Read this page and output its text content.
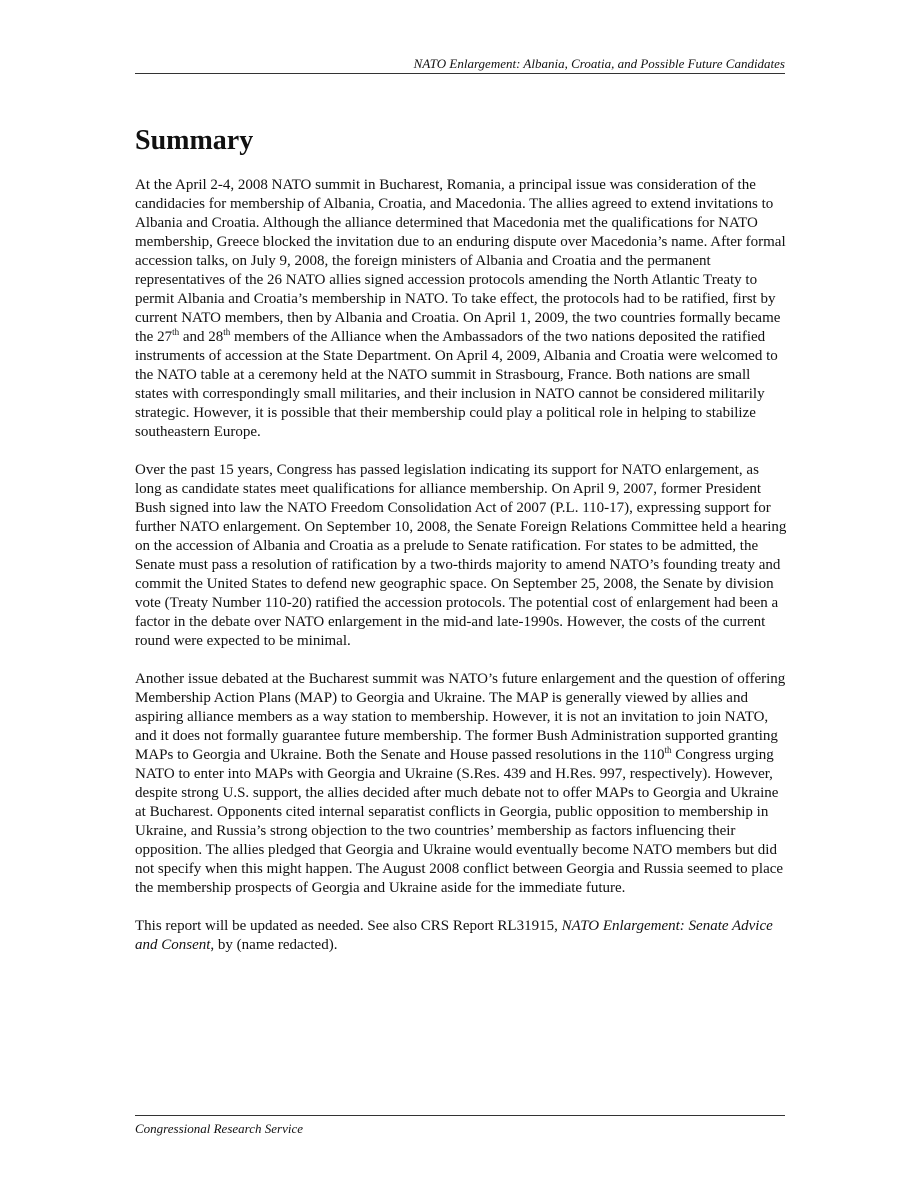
NATO Enlargement: Albania, Croatia, and Possible Future Candidates
Summary

At the April 2-4, 2008 NATO summit in Bucharest, Romania, a principal issue was consideration of the candidacies for membership of Albania, Croatia, and Macedonia. The allies agreed to extend invitations to Albania and Croatia. Although the alliance determined that Macedonia met the qualifications for NATO membership, Greece blocked the invitation due to an enduring dispute over Macedonia’s name. After formal accession talks, on July 9, 2008, the foreign ministers of Albania and Croatia and the permanent representatives of the 26 NATO allies signed accession protocols amending the North Atlantic Treaty to permit Albania and Croatia’s membership in NATO. To take effect, the protocols had to be ratified, first by current NATO members, then by Albania and Croatia. On April 1, 2009, the two countries formally became the 27th and 28th members of the Alliance when the Ambassadors of the two nations deposited the ratified instruments of accession at the State Department. On April 4, 2009, Albania and Croatia were welcomed to the NATO table at a ceremony held at the NATO summit in Strasbourg, France. Both nations are small states with correspondingly small militaries, and their inclusion in NATO cannot be considered militarily strategic. However, it is possible that their membership could play a political role in helping to stabilize southeastern Europe.

Over the past 15 years, Congress has passed legislation indicating its support for NATO enlargement, as long as candidate states meet qualifications for alliance membership. On April 9, 2007, former President Bush signed into law the NATO Freedom Consolidation Act of 2007 (P.L. 110-17), expressing support for further NATO enlargement. On September 10, 2008, the Senate Foreign Relations Committee held a hearing on the accession of Albania and Croatia as a prelude to Senate ratification. For states to be admitted, the Senate must pass a resolution of ratification by a two-thirds majority to amend NATO’s founding treaty and commit the United States to defend new geographic space. On September 25, 2008, the Senate by division vote (Treaty Number 110-20) ratified the accession protocols. The potential cost of enlargement had been a factor in the debate over NATO enlargement in the mid-and late-1990s. However, the costs of the current round were expected to be minimal.

Another issue debated at the Bucharest summit was NATO’s future enlargement and the question of offering Membership Action Plans (MAP) to Georgia and Ukraine. The MAP is generally viewed by allies and aspiring alliance members as a way station to membership. However, it is not an invitation to join NATO, and it does not formally guarantee future membership. The former Bush Administration supported granting MAPs to Georgia and Ukraine. Both the Senate and House passed resolutions in the 110th Congress urging NATO to enter into MAPs with Georgia and Ukraine (S.Res. 439 and H.Res. 997, respectively). However, despite strong U.S. support, the allies decided after much debate not to offer MAPs to Georgia and Ukraine at Bucharest. Opponents cited internal separatist conflicts in Georgia, public opposition to membership in Ukraine, and Russia’s strong objection to the two countries’ membership as factors influencing their opposition. The allies pledged that Georgia and Ukraine would eventually become NATO members but did not specify when this might happen. The August 2008 conflict between Georgia and Russia seemed to place the membership prospects of Georgia and Ukraine aside for the immediate future.

This report will be updated as needed. See also CRS Report RL31915, NATO Enlargement: Senate Advice and Consent, by (name redacted).

Congressional Research Service
